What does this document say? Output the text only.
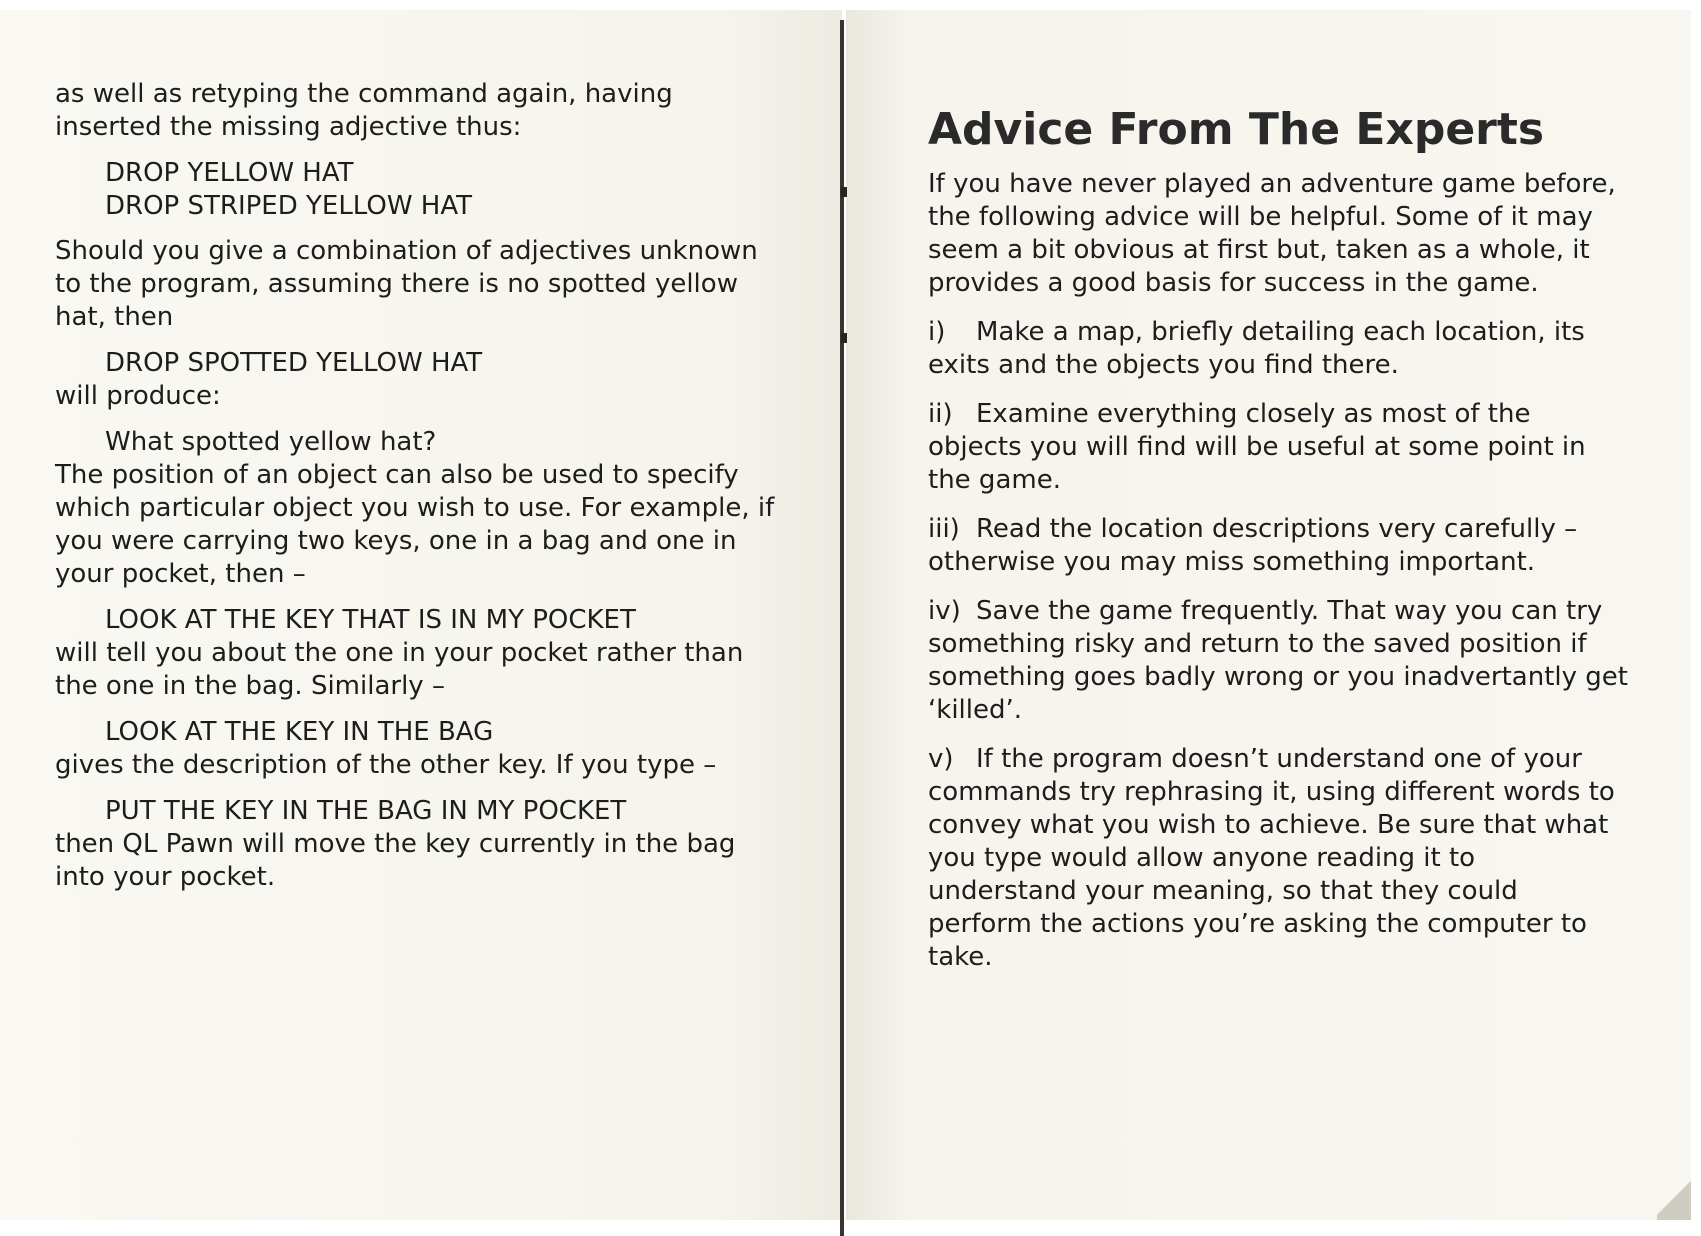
as well as retyping the command again, having inserted the missing adjective thus:

DROP YELLOW HAT
DROP STRIPED YELLOW HAT

Should you give a combination of adjectives unknown to the program, assuming there is no spotted yellow hat, then

DROP SPOTTED YELLOW HAT

will produce:

What spotted yellow hat?

The position of an object can also be used to specify which particular object you wish to use. For example, if you were carrying two keys, one in a bag and one in your pocket, then –

LOOK AT THE KEY THAT IS IN MY POCKET

will tell you about the one in your pocket rather than the one in the bag. Similarly –

LOOK AT THE KEY IN THE BAG

gives the description of the other key. If you type –

PUT THE KEY IN THE BAG IN MY POCKET

then QL Pawn will move the key currently in the bag into your pocket.

Advice From The Experts

If you have never played an adventure game before, the following advice will be helpful. Some of it may seem a bit obvious at first but, taken as a whole, it provides a good basis for success in the game.

i) Make a map, briefly detailing each location, its exits and the objects you find there.

ii) Examine everything closely as most of the objects you will find will be useful at some point in the game.

iii) Read the location descriptions very carefully – otherwise you may miss something important.

iv) Save the game frequently. That way you can try something risky and return to the saved position if something goes badly wrong or you inadvertantly get ‘killed’.

v) If the program doesn’t understand one of your commands try rephrasing it, using different words to convey what you wish to achieve. Be sure that what you type would allow anyone reading it to understand your meaning, so that they could perform the actions you’re asking the computer to take.
